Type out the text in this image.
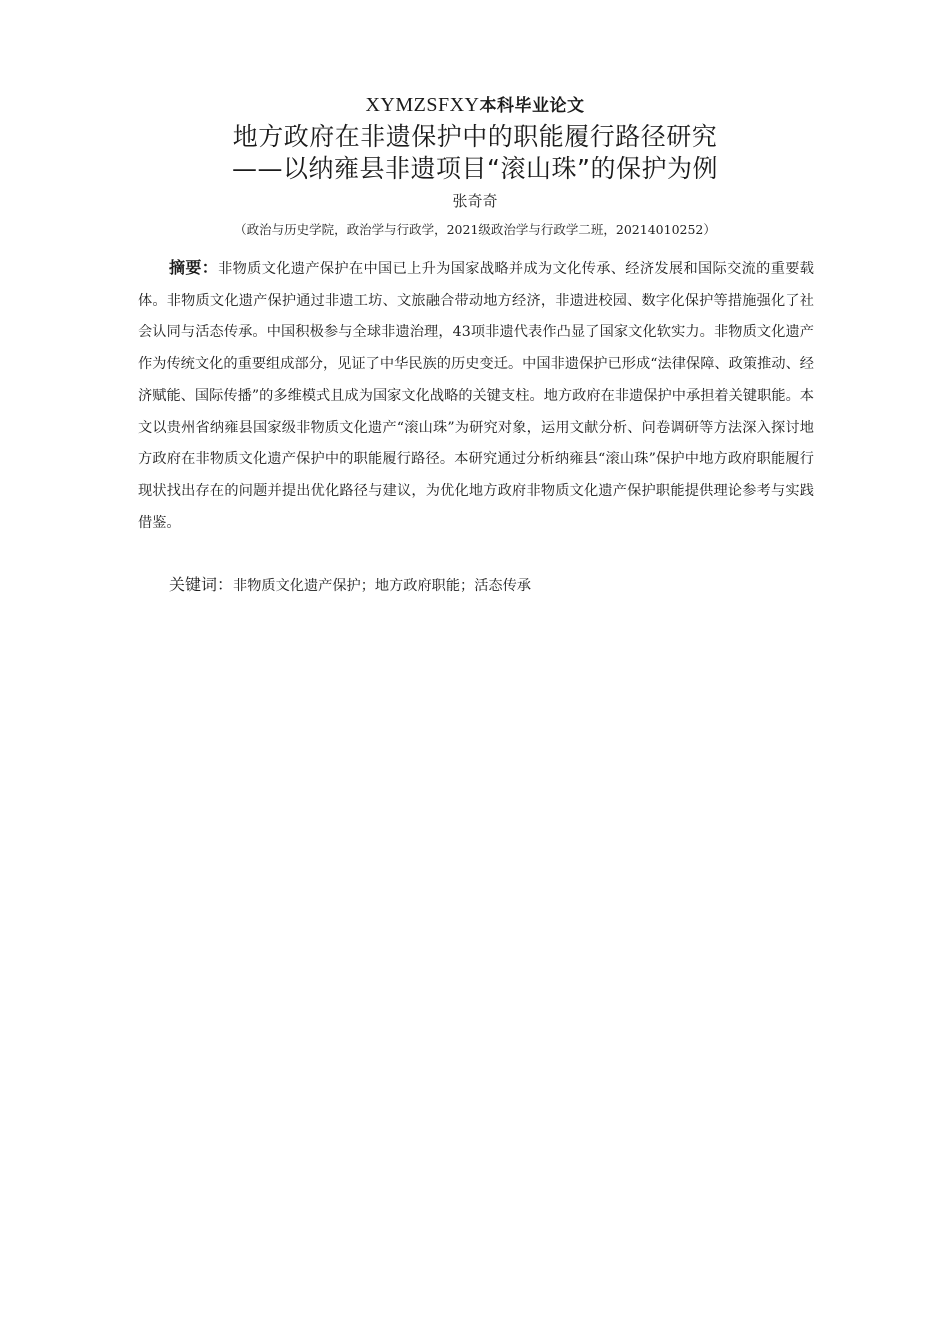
XYMZSFXY本科毕业论文
地方政府在非遗保护中的职能履行路径研究
——以纳雍县非遗项目“滚山珠”的保护为例
张奇奇
（政治与历史学院，政治学与行政学，2021级政治学与行政学二班，20214010252）
摘要：非物质文化遗产保护在中国已上升为国家战略并成为文化传承、经济发展和国际交流的重要载体。非物质文化遗产保护通过非遗工坊、文旅融合带动地方经济，非遗进校园、数字化保护等措施强化了社会认同与活态传承。中国积极参与全球非遗治理，43项非遗代表作凸显了国家文化软实力。非物质文化遗产作为传统文化的重要组成部分，见证了中华民族的历史变迁。中国非遗保护已形成“法律保障、政策推动、经济赋能、国际传播”的多维模式且成为国家文化战略的关键支柱。地方政府在非遗保护中承担着关键职能。本文以贵州省纳雍县国家级非物质文化遗产“滚山珠”为研究对象，运用文献分析、问卷调研等方法深入探讨地方政府在非物质文化遗产保护中的职能履行路径。本研究通过分析纳雍县“滚山珠”保护中地方政府职能履行现状找出存在的问题并提出优化路径与建议，为优化地方政府非物质文化遗产保护职能提供理论参考与实践借鉴。
关键词：非物质文化遗产保护；地方政府职能；活态传承
